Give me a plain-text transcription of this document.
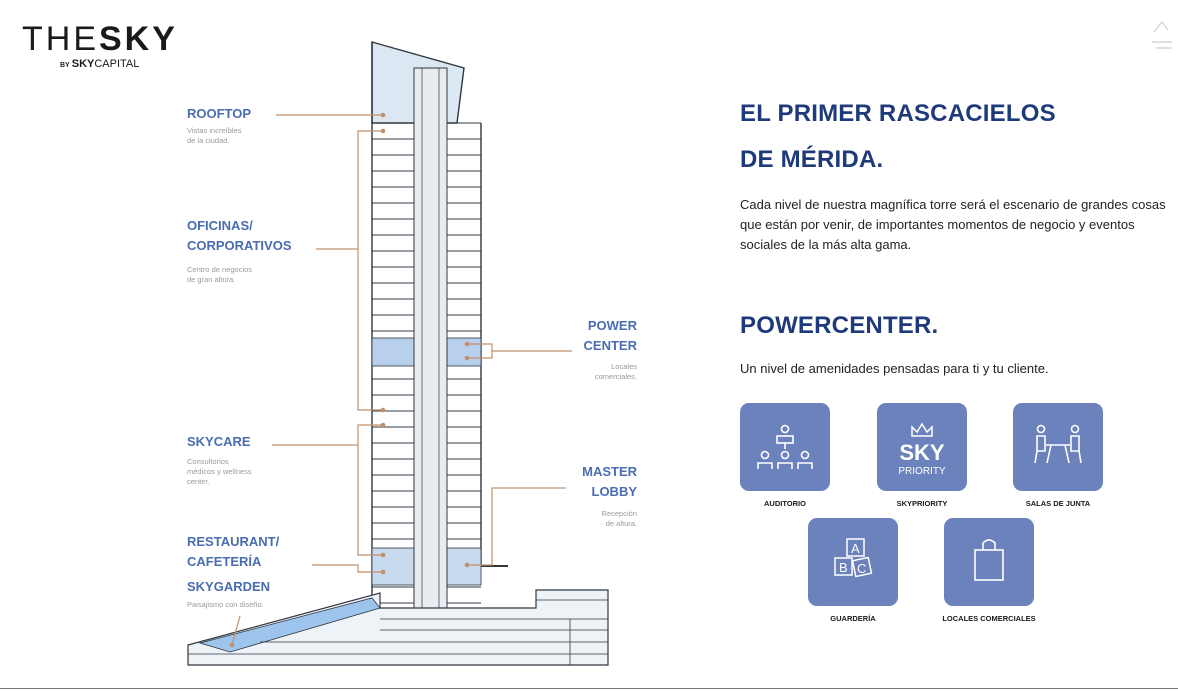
THESKY
BY SKYCAPITAL
ROOFTOP
Vistas increíbles
de la ciudad.
OFICINAS/
CORPORATIVOS
Centro de negocios
de gran altura.
SKYCARE
Consultorios
médicos y wellness
center.
RESTAURANT/
CAFETERÍA
SKYGARDEN
Paisajismo con diseño.
POWER
CENTER
Locales
comerciales.
MASTER
LOBBY
Recepción
de altura.
EL PRIMER RASCACIELOS
DE MÉRIDA.
Cada nivel de nuestra magnífica torre será el escenario de grandes cosas que están por venir, de importantes momentos de negocio y eventos sociales de la más alta gama.
POWERCENTER.
Un nivel de amenidades pensadas para ti y tu cliente.
AUDITORIO
SKY
PRIORITY
SKYPRIORITY	SALAS DE JUNTA
A
B C
GUARDERÍA	LOCALES COMERCIALES
